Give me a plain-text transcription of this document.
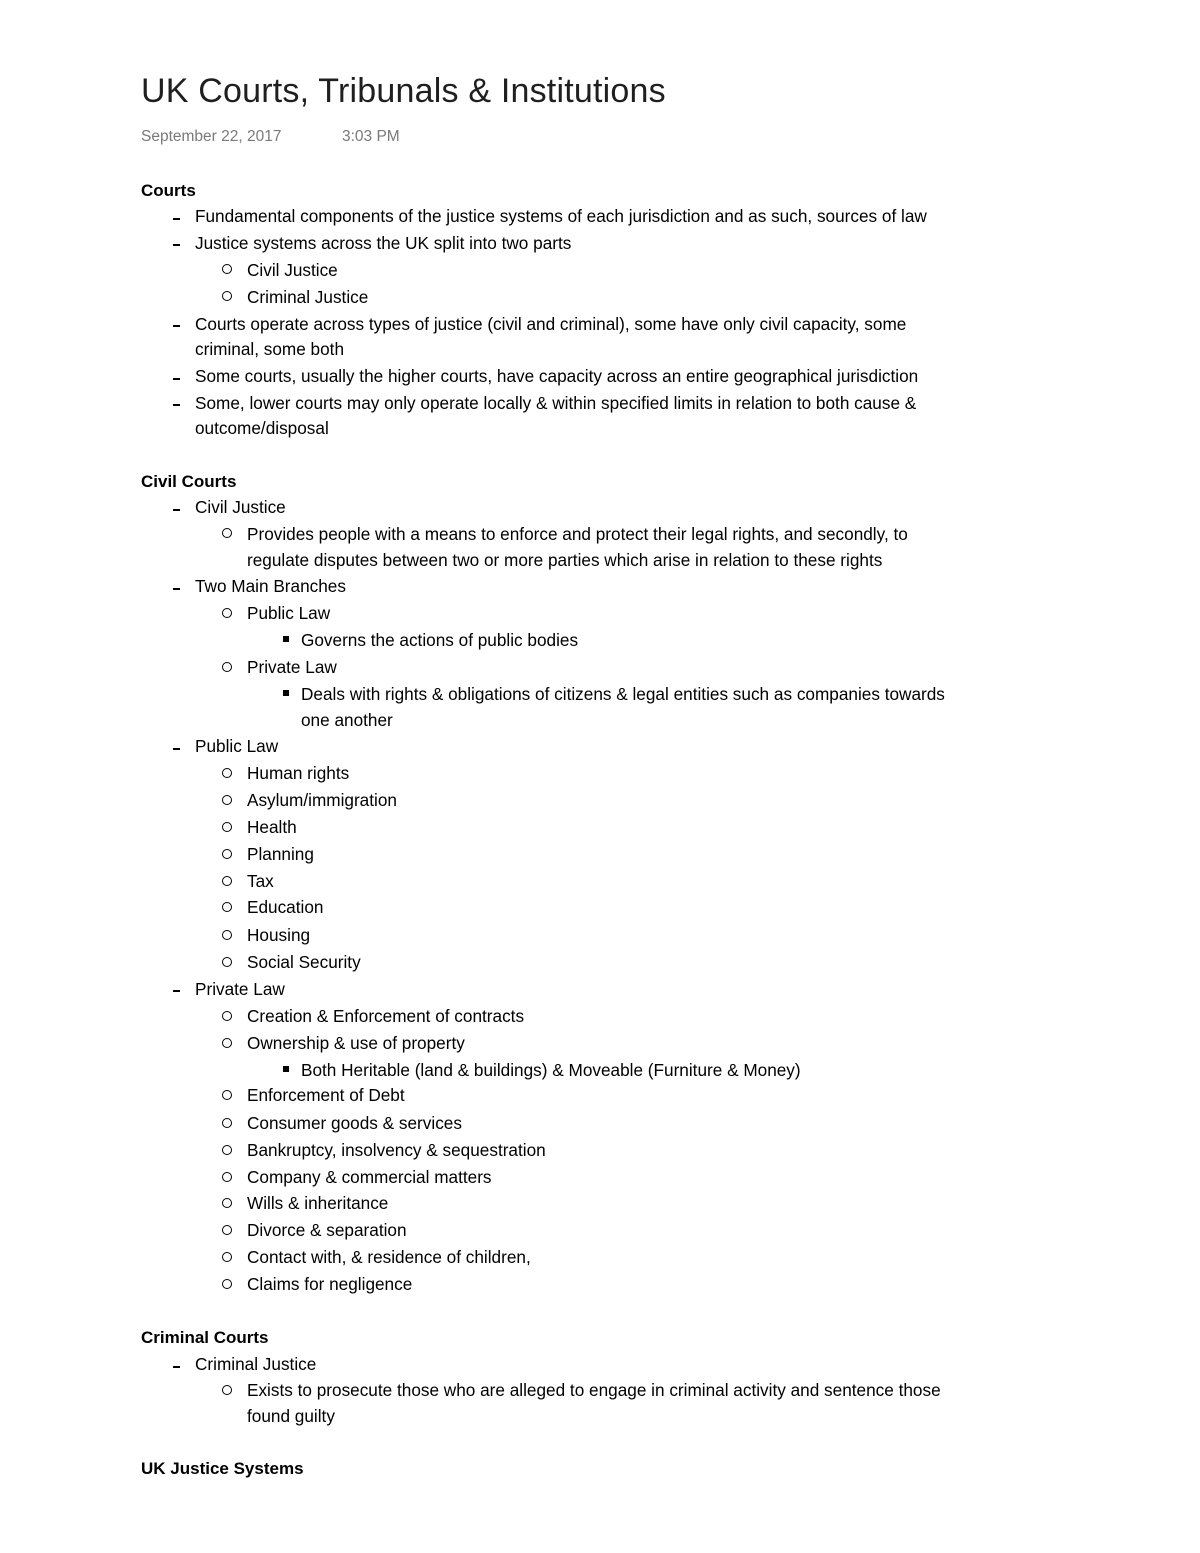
UK Courts, Tribunals & Institutions
September 22, 2017	3:03 PM
Courts
Fundamental components of the justice systems of each jurisdiction and as such, sources of law
Justice systems across the UK split into two parts
Civil Justice
Criminal Justice
Courts operate across types of justice (civil and criminal), some have only civil capacity, some
criminal, some both
Some courts, usually the higher courts, have capacity across an entire geographical jurisdiction
Some, lower courts may only operate locally & within specified limits in relation to both cause &
outcome/disposal
Civil Courts
Civil Justice
Provides people with a means to enforce and protect their legal rights, and secondly, to
regulate disputes between two or more parties which arise in relation to these rights
Two Main Branches
Public Law
Governs the actions of public bodies
Private Law
Deals with rights & obligations of citizens & legal entities such as companies towards
one another
Public Law
Human rights
Asylum/immigration
Health
Planning
Tax
Education
Housing
Social Security
Private Law
Creation & Enforcement of contracts
Ownership & use of property
Both Heritable (land & buildings) & Moveable (Furniture & Money)
Enforcement of Debt
Consumer goods & services
Bankruptcy, insolvency & sequestration
Company & commercial matters
Wills & inheritance
Divorce & separation
Contact with, & residence of children,
Claims for negligence
Criminal Courts
Criminal Justice
Exists to prosecute those who are alleged to engage in criminal activity and sentence those
found guilty
UK Justice Systems
